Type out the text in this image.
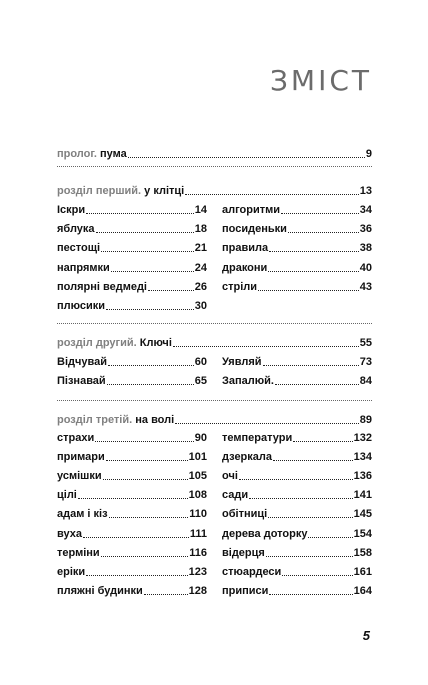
ЗМІСТ
пролог. пума	9
розділ перший. у клітці	13
Іскри	14
яблука	18
пестощі	21
напрямки	24
полярні ведмеді	26
плюсики	30
алгоритми	34
посиденьки	36
правила	38
дракони	40
стріли	43
розділ другий. Ключі	55
Відчувай	60
Пізнавай	65
Уявляй	73
Запалюй.	84
розділ третій. на волі	89
страхи	90
примари	101
усмішки	105
цілі	108
адам і кіз	110
вуха	111
терміни	116
еріки	123
пляжні будинки	128
температури	132
дзеркала	134
очі	136
сади	141
обітниці	145
дерева доторку	154
відерця	158
стюардеси	161
приписи	164
5
